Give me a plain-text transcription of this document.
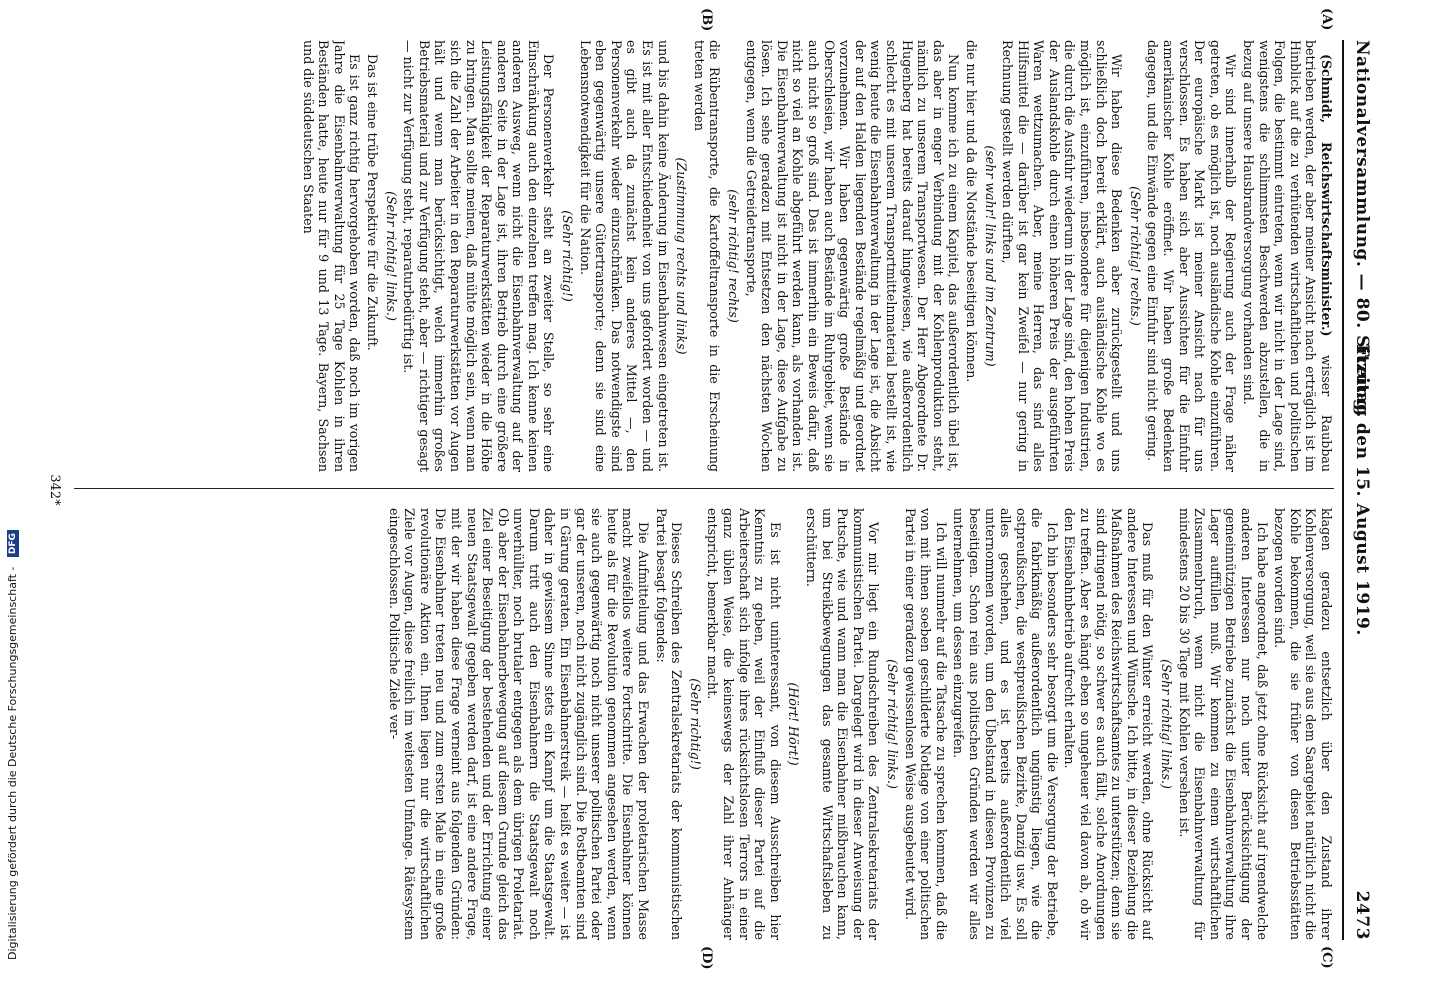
Nationalversammlung. — 80. Sitzung.
Freitag den 15. August 1919.
2473
(A)
(B)
(C)
(D)

(Schmidt, Reichswirtschaftsminister.) wisser Raubbau betrieben werden, der aber meiner Ansicht nach erträglich ist im Hinblick auf die zu verhütenden wirtschaftlichen und politischen Folgen, die bestimmt eintreten, wenn wir nicht in der Lage sind, wenigstens die schlimmsten Beschwerden abzustellen, die in bezug auf unsere Hausbrandversorgung vorhanden sind.

Wir sind innerhalb der Regierung auch der Frage näher getreten, ob es möglich ist, noch ausländische Kohle einzuführen. Der europäische Markt ist meiner Ansicht nach für uns verschlossen. Es haben sich aber Aussichten für die Einfuhr amerikanischer Kohle eröffnet. Wir haben große Bedenken dagegen, und die Einwände gegen eine Einfuhr sind nicht gering.

(Sehr richtig! rechts.)

Wir haben diese Bedenken aber zurückgestellt und uns schließlich doch bereit erklärt, auch ausländische Kohle wo es möglich ist, einzuführen, insbesondere für diejenigen Industrien, die durch die Ausfuhr wiederum in der Lage sind, den hohen Preis der Auslandskohle durch einen höheren Preis der ausgeführten Waren wettzumachen. Aber, meine Herren, das sind alles Hilfsmittel die — darüber ist gar kein Zweifel — nur gering in Rechnung gestellt werden dürften,

(sehr wahr! links und im Zentrum)

die nur hier und da die Notstände beseitigen können.

Nun komme ich zu einem Kapitel, das außerordentlich übel ist, das aber in enger Verbindung mit der Kohlenproduktion steht, nämlich zu unserem Transportwesen. Der Herr Abgeordnete Dr. Hugenberg hat bereits darauf hingewiesen, wie außerordentlich schlecht es mit unserem Transportmittelnmaterial bestellt ist, wie wenig heute die Eisenbahnverwaltung in der Lage ist, die Absicht der auf den Halden liegenden Bestände regelmäßig und geordnet vorzunehmen. Wir haben gegenwärtig große Bestände in Oberschlesien, wir haben auch Bestände im Ruhrgebiet, wenn sie auch nicht so groß sind. Das ist immerhin ein Beweis dafür, daß nicht so viel an Kohle abgeführt werden kann, als vorhanden ist. Die Eisenbahnverwaltung ist nicht in der Lage, diese Aufgabe zu lösen. Ich sehe geradezu mit Entsetzen den nächsten Wochen entgegen, wenn die Getreidetransporte,

(sehr richtig! rechts)

die Rübentransporte, die Kartoffeltransporte in die Erscheinung treten werden

(Zustimmung rechts und links)

und bis dahin keine Änderung im Eisenbahnwesen eingetreten ist. Es ist mit aller Entschiedenheit von uns gefordert worden — und es gibt auch da zunächst kein anderes Mittel —, den Personenverkehr wieder einzuschränken. Das notwendigste sind eben gegenwärtig unsere Gütertransporte; denn sie sind eine Lebensnotwendigkeit für die Nation.

(Sehr richtig!)

Der Personenverkehr steht an zweiter Stelle, so sehr eine Einschränkung auch den einzelnen treffen mag. Ich kenne keinen anderen Ausweg, wenn nicht die Eisenbahnverwaltung auf der anderen Seite in der Lage ist, ihren Betrieb durch eine größere Leistungsfähigkeit der Reparaturwerkstätten wieder in die Höhe zu bringen. Man sollte meinen, daß mühte möglich sein, wenn man sich die Zahl der Arbeiter in den Reparaturwerkstätten vor Augen hält und wenn man berücksichtigt, welch immerhin großes Betriebsmaterial und zur Verfügung steht, aber — richtiger gesagt — nicht zur Verfügung steht, reparaturbedürftig ist.

(Sehr richtig! links.)

Das ist eine trübe Perspektive für die Zukunft.

Es ist ganz richtig hervorgehoben worden, daß noch im vorigen Jahre die Eisenbahnverwaltung für 25 Tage Kohlen in ihren Beständen hatte, heute nur für 9 und 13 Tage. Bayern, Sachsen und die süddeutschen Staaten

klagen geradezu entsetzlich über den Zustand ihrer Kohlenversorgung, weil sie aus dem Saargebiet natürlich nicht die Kohle bekommen, die sie früher von diesen Betriebsstätten bezogen worden sind.

Ich habe angeordnet, daß jetzt ohne Rücksicht auf irgendwelche anderen Interessen nur noch unter Berücksichtigung der gemeinnützigen Betriebe zunächst die Eisenbahnverwaltung ihre Lager auffüllen muß. Wir kommen zu einem wirtschaftlichen Zusammenbruch, wenn nicht die Eisenbahnverwaltung für mindestens 20 bis 30 Tage mit Kohlen versehen ist.

(Sehr richtig! links.)

Das muß für den Winter erreicht werden, ohne Rücksicht auf andere Interessen und Wünsche. Ich bitte, in dieser Beziehung die Maßnahmen des Reichswirtschaftsamtes zu unterstützen; denn sie sind dringend nötig, so schwer es auch fällt, solche Anordnungen zu treffen. Aber es hängt eben so ungeheuer viel davon ab, ob wir den Eisenbahnbetrieb aufrecht erhalten.

Ich bin besonders sehr besorgt um die Versorgung der Betriebe, die fabrikmäßig außerordentlich ungünstig liegen, wie die ostpreußischen, die westpreußischen Bezirke, Danzig usw. Es soll alles geschehen, und es ist bereits außerordentlich viel unternommen worden, um den Übelstand in diesen Provinzen zu beseitigen. Schon rein aus politischen Gründen werden wir alles unternehmen, um dessen einzugreifen.

Ich will nunmehr auf die Tatsache zu sprechen kommen, daß die von mit ihnen soeben geschilderte Notlage von einer politischen Partei in einer geradezu gewissenlosen Weise ausgebeutet wird.

(Sehr richtig! links.)

Vor mir liegt ein Rundschreiben des Zentralsekretariats der kommunistischen Partei. Dargelegt wird in dieser Anweisung der Putsche, wie und wann man die Eisenbahner mißbrauchen kann, um bei Streikbewegungen das gesamte Wirtschaftsleben zu erschüttern.

(Hört! Hört!)

Es ist nicht uninteressant, von diesem Ausschreiben hier Kenntnis zu geben, weil der Einfluß dieser Partei auf die Arbeiterschaft sich infolge ihres rücksichtslosen Terrors in einer ganz üblen Weise, die keineswegs der Zahl ihrer Anhänger entspricht, bemerkbar macht.

(Sehr richtig!)

Dieses Schreiben des Zentralsekretariats der kommunistischen Partei besagt folgendes:

Die Aufmittelung und das Erwachen der proletarischen Masse macht zweifellos weitere Fortschritte. Die Eisenbahner können heute als für die Revolution genommen angesehen werden, wenn sie auch gegenwärtig noch nicht unserer politischen Partei oder gar der unseren, noch nicht zugänglich sind. Die Postbeamten sind in Gärung geraten. Ein Eisenbahnerstreik — heißt es weiter — ist daher in gewissem Sinne stets ein Kampf um die Staatsgewalt. Darum tritt auch den Eisenbahnern die Staatsgewalt noch unverhüllter, noch brutaler entgegen als dem übrigen Proletariat. Ob aber der Eisenbahnerbewegung auf diesem Grunde gleich das Ziel einer Beseitigung der bestehenden und der Errichtung einer neuen Staatsgewalt gegeben werden darf, ist eine andere Frage, mit der wir haben diese Frage verneint aus folgenden Gründen: Die Eisenbahner treten neu und zum ersten Male in eine große revolutionäre Aktion ein. Ihnen liegen nur die wirtschaftlichen Ziele vor Augen, diese freilich im weitesten Umfange. Rätesystem eingeschlossen. Politische Ziele ver-

342*
Digitalisierung gefördert durch die Deutsche Forschungsgemeinschaft - DFG
